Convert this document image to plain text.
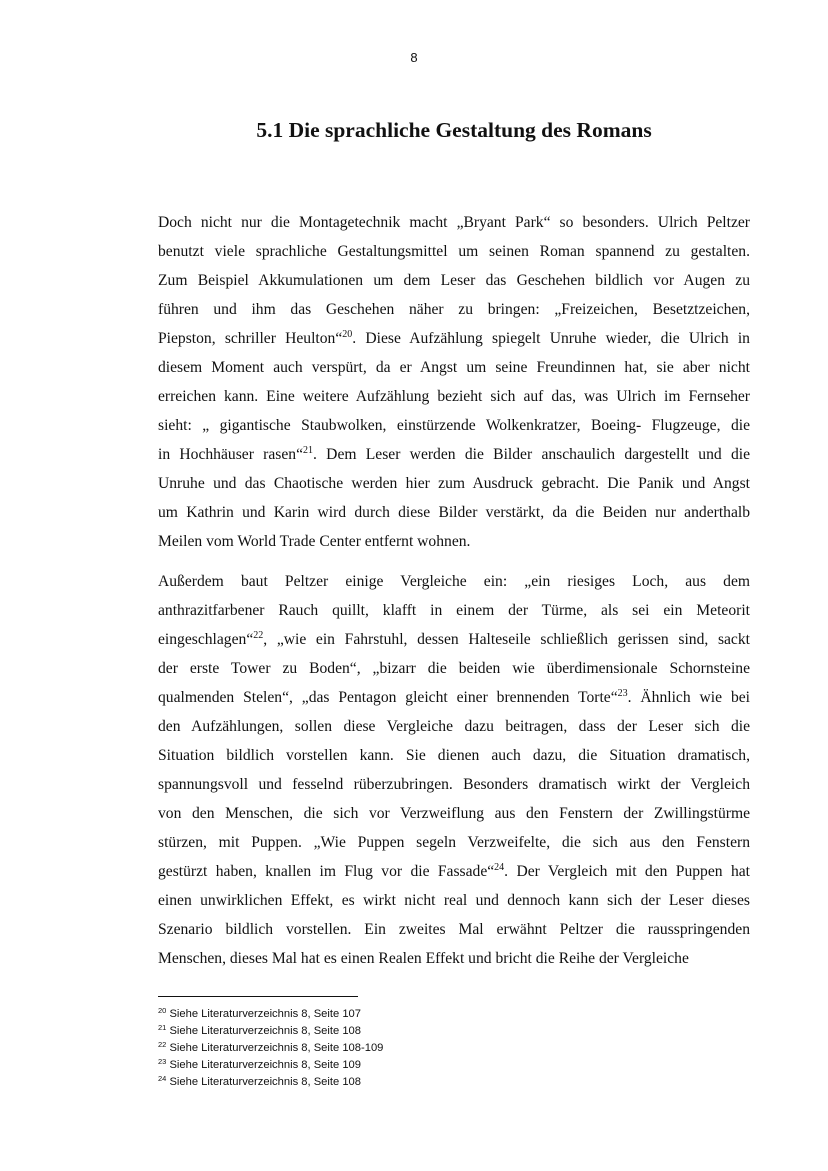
8
5.1 Die sprachliche Gestaltung des Romans
Doch nicht nur die Montagetechnik macht „Bryant Park“ so besonders. Ulrich Peltzer
benutzt viele sprachliche Gestaltungsmittel um seinen Roman spannend zu gestalten.
Zum Beispiel Akkumulationen um dem Leser das Geschehen bildlich vor Augen zu
führen und ihm das Geschehen näher zu bringen: „Freizeichen, Besetztzeichen,
Piepston, schriller Heulton“$^{20}$. Diese Aufzählung spiegelt Unruhe wieder, die Ulrich in
diesem Moment auch verspürt, da er Angst um seine Freundinnen hat, sie aber nicht
erreichen kann. Eine weitere Aufzählung bezieht sich auf das, was Ulrich im Fernseher
sieht: „ gigantische Staubwolken, einstürzende Wolkenkratzer, Boeing- Flugzeuge, die
in Hochhäuser rasen“$^{21}$. Dem Leser werden die Bilder anschaulich dargestellt und die
Unruhe und das Chaotische werden hier zum Ausdruck gebracht. Die Panik und Angst
um Kathrin und Karin wird durch diese Bilder verstärkt, da die Beiden nur anderthalb
Meilen vom World Trade Center entfernt wohnen.
Außerdem baut Peltzer einige Vergleiche ein: „ein riesiges Loch, aus dem
anthrazitfarbener Rauch quillt, klafft in einem der Türme, als sei ein Meteorit
eingeschlagen“$^{22}$, „wie ein Fahrstuhl, dessen Halteseile schließlich gerissen sind, sackt
der erste Tower zu Boden“, „bizarr die beiden wie überdimensionale Schornsteine
qualmenden Stelen“, „das Pentagon gleicht einer brennenden Torte“$^{23}$. Ähnlich wie bei
den Aufzählungen, sollen diese Vergleiche dazu beitragen, dass der Leser sich die
Situation bildlich vorstellen kann. Sie dienen auch dazu, die Situation dramatisch,
spannungsvoll und fesselnd rüberzubringen. Besonders dramatisch wirkt der Vergleich
von den Menschen, die sich vor Verzweiflung aus den Fenstern der Zwillingstürme
stürzen, mit Puppen. „Wie Puppen segeln Verzweifelte, die sich aus den Fenstern
gestürzt haben, knallen im Flug vor die Fassade“$^{24}$. Der Vergleich mit den Puppen hat
einen unwirklichen Effekt, es wirkt nicht real und dennoch kann sich der Leser dieses
Szenario bildlich vorstellen. Ein zweites Mal erwähnt Peltzer die rausspringenden
Menschen, dieses Mal hat es einen Realen Effekt und bricht die Reihe der Vergleiche
$^{20}$ Siehe Literaturverzeichnis 8, Seite 107
$^{21}$ Siehe Literaturverzeichnis 8, Seite 108
$^{22}$ Siehe Literaturverzeichnis 8, Seite 108-109
$^{23}$ Siehe Literaturverzeichnis 8, Seite 109
$^{24}$ Siehe Literaturverzeichnis 8, Seite 108
